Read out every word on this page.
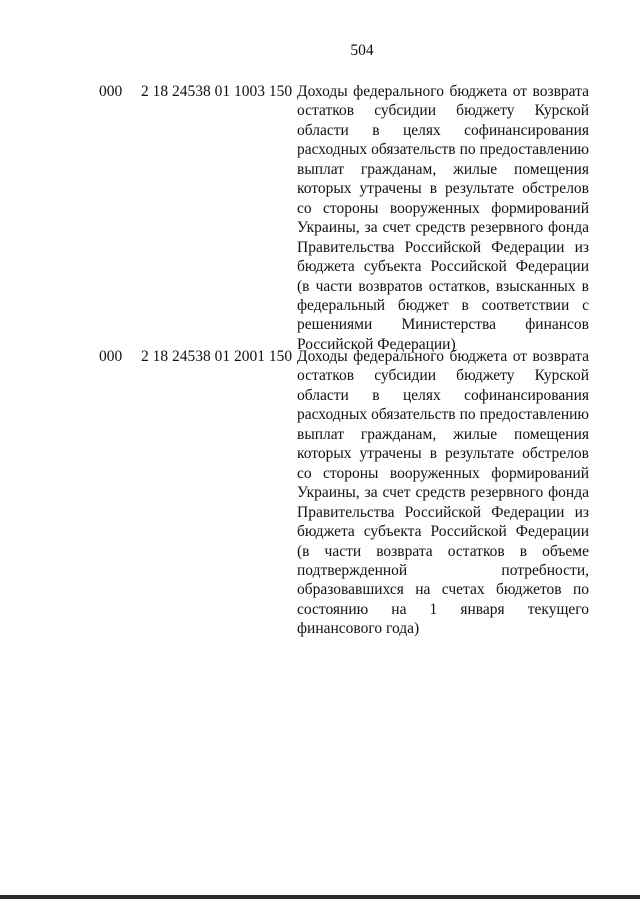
504
000 2 18 24538 01 1003 150 Доходы федерального бюджета от возврата остатков субсидии бюджету Курской области в целях софинансирования расходных обязательств по предоставлению выплат гражданам, жилые помещения которых утрачены в результате обстрелов со стороны вооруженных формирований Украины, за счет средств резервного фонда Правительства Российской Федерации из бюджета субъекта Российской Федерации (в части возвратов остатков, взысканных в федеральный бюджет в соответствии с решениями Министерства финансов Российской Федерации)
000 2 18 24538 01 2001 150 Доходы федерального бюджета от возврата остатков субсидии бюджету Курской области в целях софинансирования расходных обязательств по предоставлению выплат гражданам, жилые помещения которых утрачены в результате обстрелов со стороны вооруженных формирований Украины, за счет средств резервного фонда Правительства Российской Федерации из бюджета субъекта Российской Федерации (в части возврата остатков в объеме подтвержденной потребности, образовавшихся на счетах бюджетов по состоянию на 1 января текущего финансового года)
